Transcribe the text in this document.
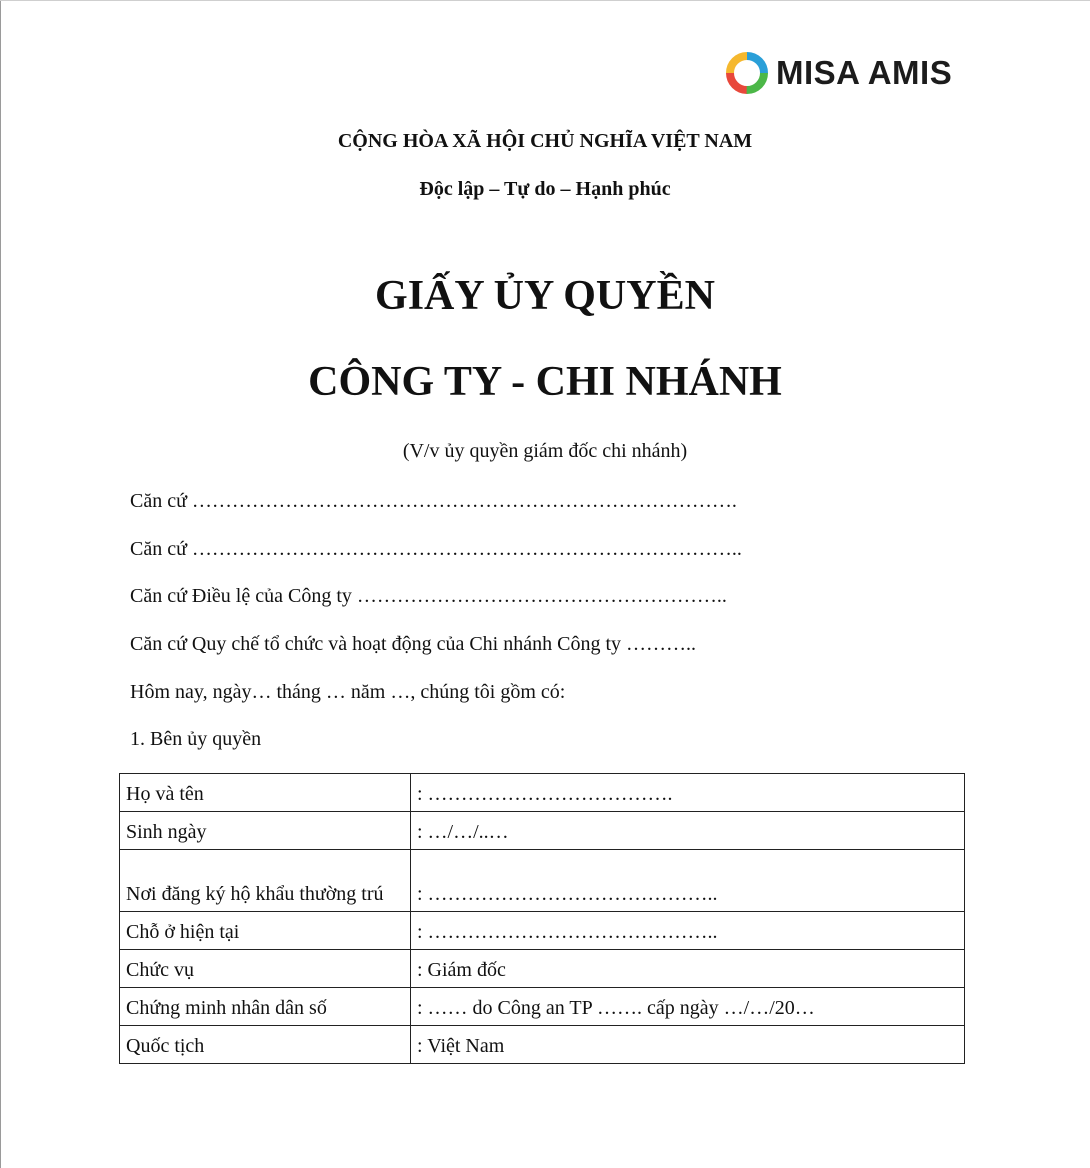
MISA AMIS
CỘNG HÒA XÃ HỘI CHỦ NGHĨA VIỆT NAM
Độc lập – Tự do – Hạnh phúc
GIẤY ỦY QUYỀN
CÔNG TY - CHI NHÁNH
(V/v ủy quyền giám đốc chi nhánh)
Căn cứ ……………………………………………………………………….
Căn cứ ………………………………………………………………………..
Căn cứ Điều lệ của Công ty ………………………………………………..
Căn cứ Quy chế tổ chức và hoạt động của Chi nhánh Công ty ………..
Hôm nay, ngày… tháng … năm …, chúng tôi gồm có:
1. Bên ủy quyền
Họ và tên	: ……………………………….

Sinh ngày	: …/…/..…

Nơi đăng ký hộ khẩu thường trú	: ……………………………………..

Chỗ ở hiện tại	: ……………………………………..

Chức vụ	: Giám đốc

Chứng minh nhân dân số	: …… do Công an TP ……. cấp ngày …/…/20…

Quốc tịch	: Việt Nam
